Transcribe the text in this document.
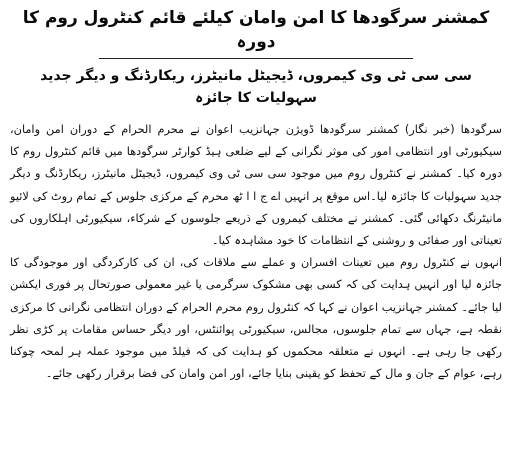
کمشنر سرگودھا کا امن وامان کیلئے قائم کنٹرول روم کا دورہ
سی سی ٹی وی کیمروں، ڈیجیٹل مانیٹرز، ریکارڈنگ و دیگر جدید سہولیات کا جائزہ

سرگودھا (خبر نگار) کمشنر سرگودھا ڈویژن جہانزیب اعوان نے محرم الحرام کے دوران امن وامان، سیکیورٹی اور انتظامی امور کی موثر نگرانی کے لیے ضلعی ہیڈ کوارٹر سرگودھا میں قائم کنٹرول روم کا دورہ کیا۔ کمشنر نے کنٹرول روم میں موجود سی سی ٹی وی کیمروں، ڈیجیٹل مانیٹرز، ریکارڈنگ و دیگر جدید سہولیات کا جائزہ لیا۔اس موقع پر انہیں اے ج ا ا ٹھ محرم کے مرکزی جلوس کے تمام روٹ کی لائیو مانیٹرنگ دکھائی گئی۔ کمشنر نے مختلف کیمروں کے ذریعے جلوسوں کے شرکاء، سیکیورٹی اہلکاروں کی تعیناتی اور صفائی و روشنی کے انتظامات کا خود مشاہدہ کیا۔

انہوں نے کنٹرول روم میں تعینات افسران و عملے سے ملاقات کی، ان کی کارکردگی اور موجودگی کا جائزہ لیا اور انہیں ہدایت کی کہ کسی بھی مشکوک سرگرمی یا غیر معمولی صورتحال پر فوری ایکشن لیا جائے۔ کمشنر جہانزیب اعوان نے کہا کہ کنٹرول روم محرم الحرام کے دوران انتظامی نگرانی کا مرکزی نقطہ ہے، جہاں سے تمام جلوسوں، مجالس، سیکیورٹی پوائنٹس، اور دیگر حساس مقامات پر کڑی نظر رکھی جا رہی ہے۔ انہوں نے متعلقہ محکموں کو ہدایت کی کہ فیلڈ میں موجود عملہ ہر لمحہ چوکنا رہے، عوام کے جان و مال کے تحفظ کو یقینی بنایا جائے، اور امن وامان کی فضا برقرار رکھی جائے۔
